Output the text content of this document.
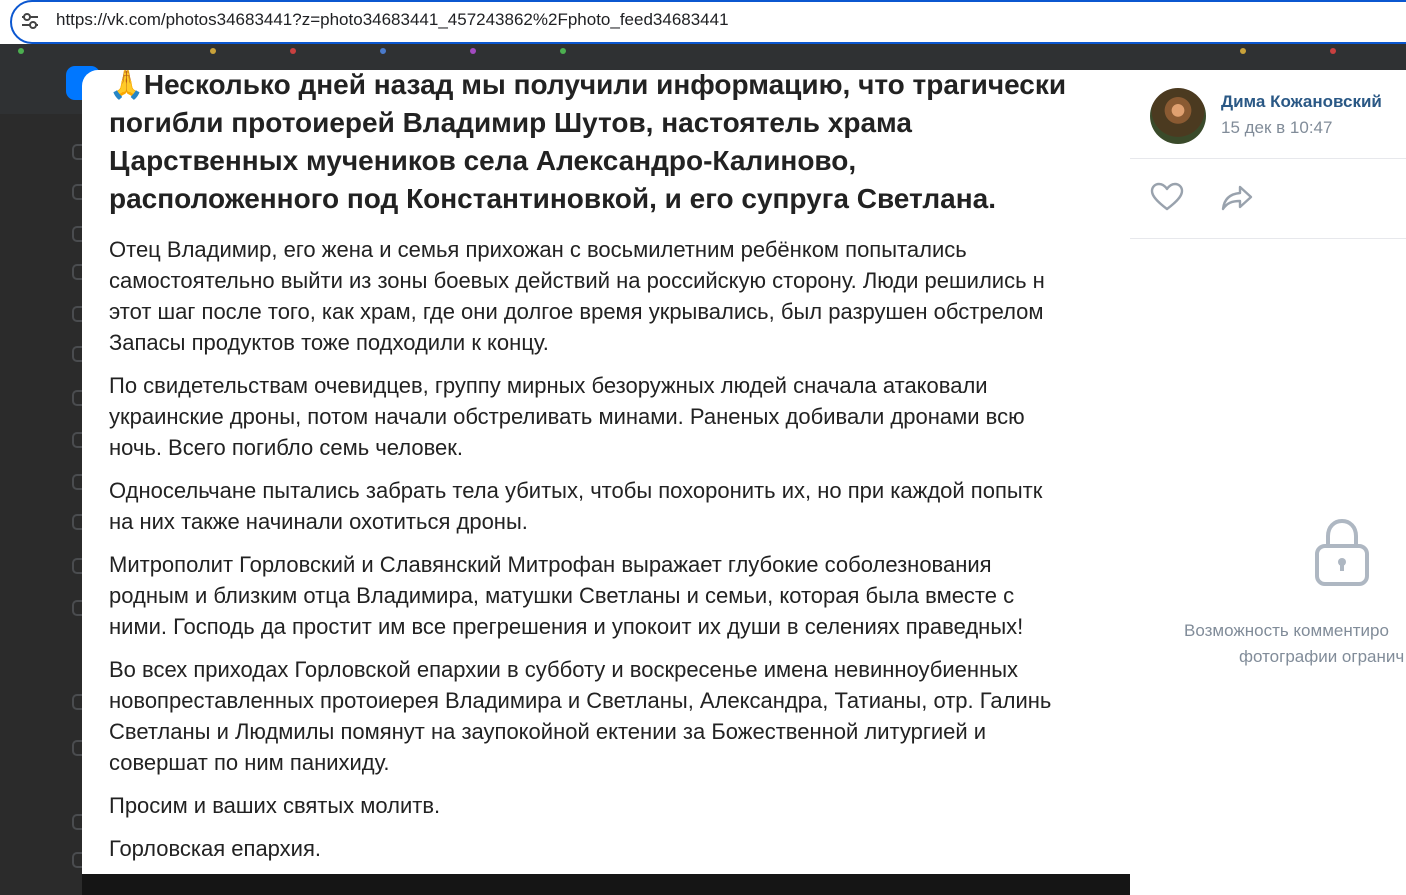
https://vk.com/photos34683441?z=photo34683441_457243862%2Fphoto_feed34683441
🙏Несколько дней назад мы получили информацию, что трагически
погибли протоиерей Владимир Шутов, настоятель храма
Царственных мучеников села Александро-Калиново,
расположенного под Константиновкой, и его супруга Светлана.
Отец Владимир, его жена и семья прихожан с восьмилетним ребёнком попытались
самостоятельно выйти из зоны боевых действий на российскую сторону. Люди решились н
этот шаг после того, как храм, где они долгое время укрывались, был разрушен обстрелом
Запасы продуктов тоже подходили к концу.
По свидетельствам очевидцев, группу мирных безоружных людей сначала атаковали
украинские дроны, потом начали обстреливать минами. Раненых добивали дронами всю
ночь. Всего погибло семь человек.
Односельчане пытались забрать тела убитых, чтобы похоронить их, но при каждой попытк
на них также начинали охотиться дроны.
Митрополит Горловский и Славянский Митрофан выражает глубокие соболезнования
родным и близким отца Владимира, матушки Светланы и семьи, которая была вместе с
ними. Господь да простит им все прегрешения и упокоит их души в селениях праведных!
Во всех приходах Горловской епархии в субботу и воскресенье имена невинноубиенных
новопреставленных протоиерея Владимира и Светланы, Александра, Татианы, отр. Галинь
Светланы и Людмилы помянут на заупокойной ектении за Божественной литургией и
совершат по ним панихиду.
Просим и ваших святых молитв.
Горловская епархия.
Дима Кожановский
15 дек в 10:47
Возможность комментиро
фотографии огранич
